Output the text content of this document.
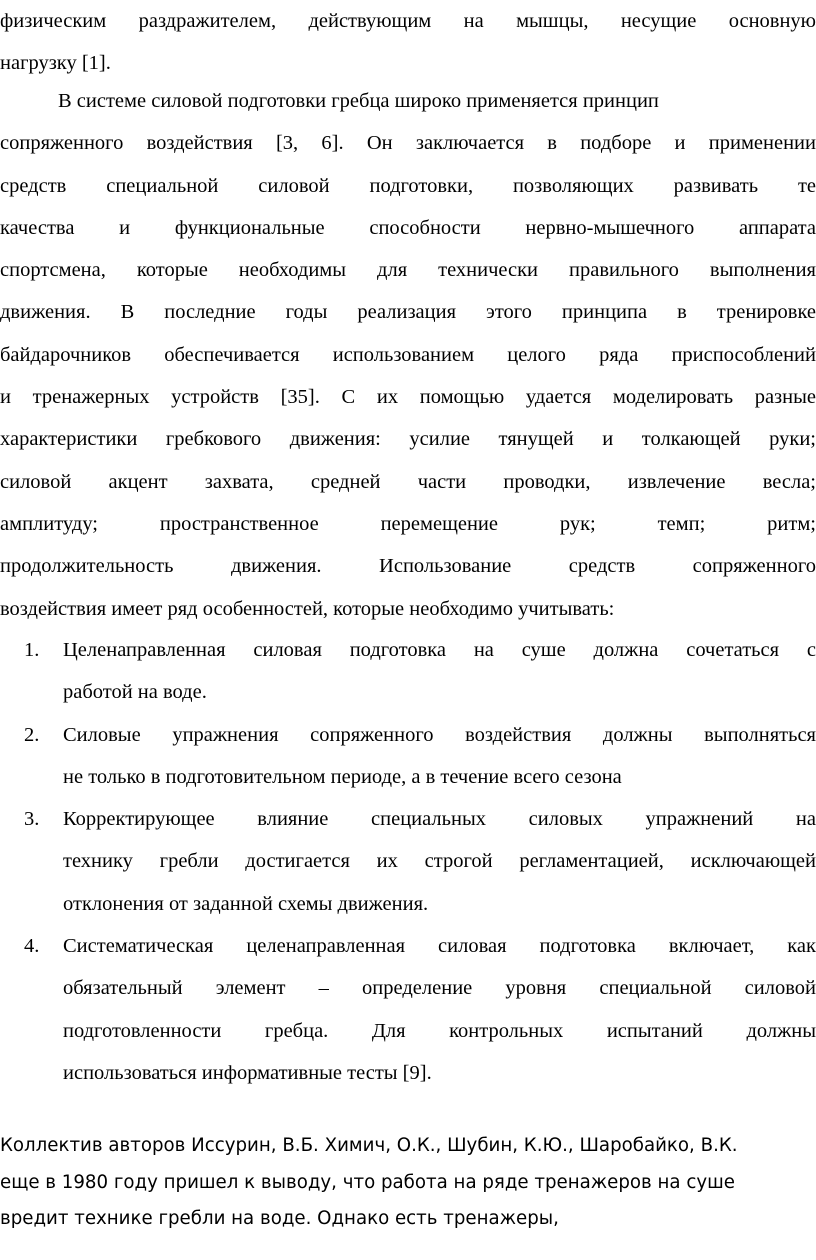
физическим раздражителем, действующим на мышцы, несущие основную
нагрузку [1].
В системе силовой подготовки гребца широко применяется принцип
сопряженного воздействия [3, 6]. Он заключается в подборе и применении
средств специальной силовой подготовки, позволяющих развивать те
качества и функциональные способности нервно-мышечного аппарата
спортсмена, которые необходимы для технически правильного выполнения
движения. В последние годы реализация этого принципа в тренировке
байдарочников обеспечивается использованием целого ряда приспособлений
и тренажерных устройств [35]. С их помощью удается моделировать разные
характеристики гребкового движения: усилие тянущей и толкающей руки;
силовой акцент захвата, средней части проводки, извлечение весла;
амплитуду; пространственное перемещение рук; темп; ритм;
продолжительность движения. Использование средств сопряженного
воздействия имеет ряд особенностей, которые необходимо учитывать:
1. Целенаправленная силовая подготовка на суше должна сочетаться с
работой на воде.
2. Силовые упражнения сопряженного воздействия должны выполняться
не только в подготовительном периоде, а в течение всего сезона
3. Корректирующее влияние специальных силовых упражнений на
технику гребли достигается их строгой регламентацией, исключающей
отклонения от заданной схемы движения.
4. Систематическая целенаправленная силовая подготовка включает, как
обязательный элемент – определение уровня специальной силовой
подготовленности гребца. Для контрольных испытаний должны
использоваться информативные тесты [9].
Коллектив авторов Иссурин, В.Б. Химич, О.К., Шубин, К.Ю., Шаробайко, В.К.
еще в 1980 году пришел к выводу, что работа на ряде тренажеров на суше
вредит технике гребли на воде. Однако есть тренажеры,
